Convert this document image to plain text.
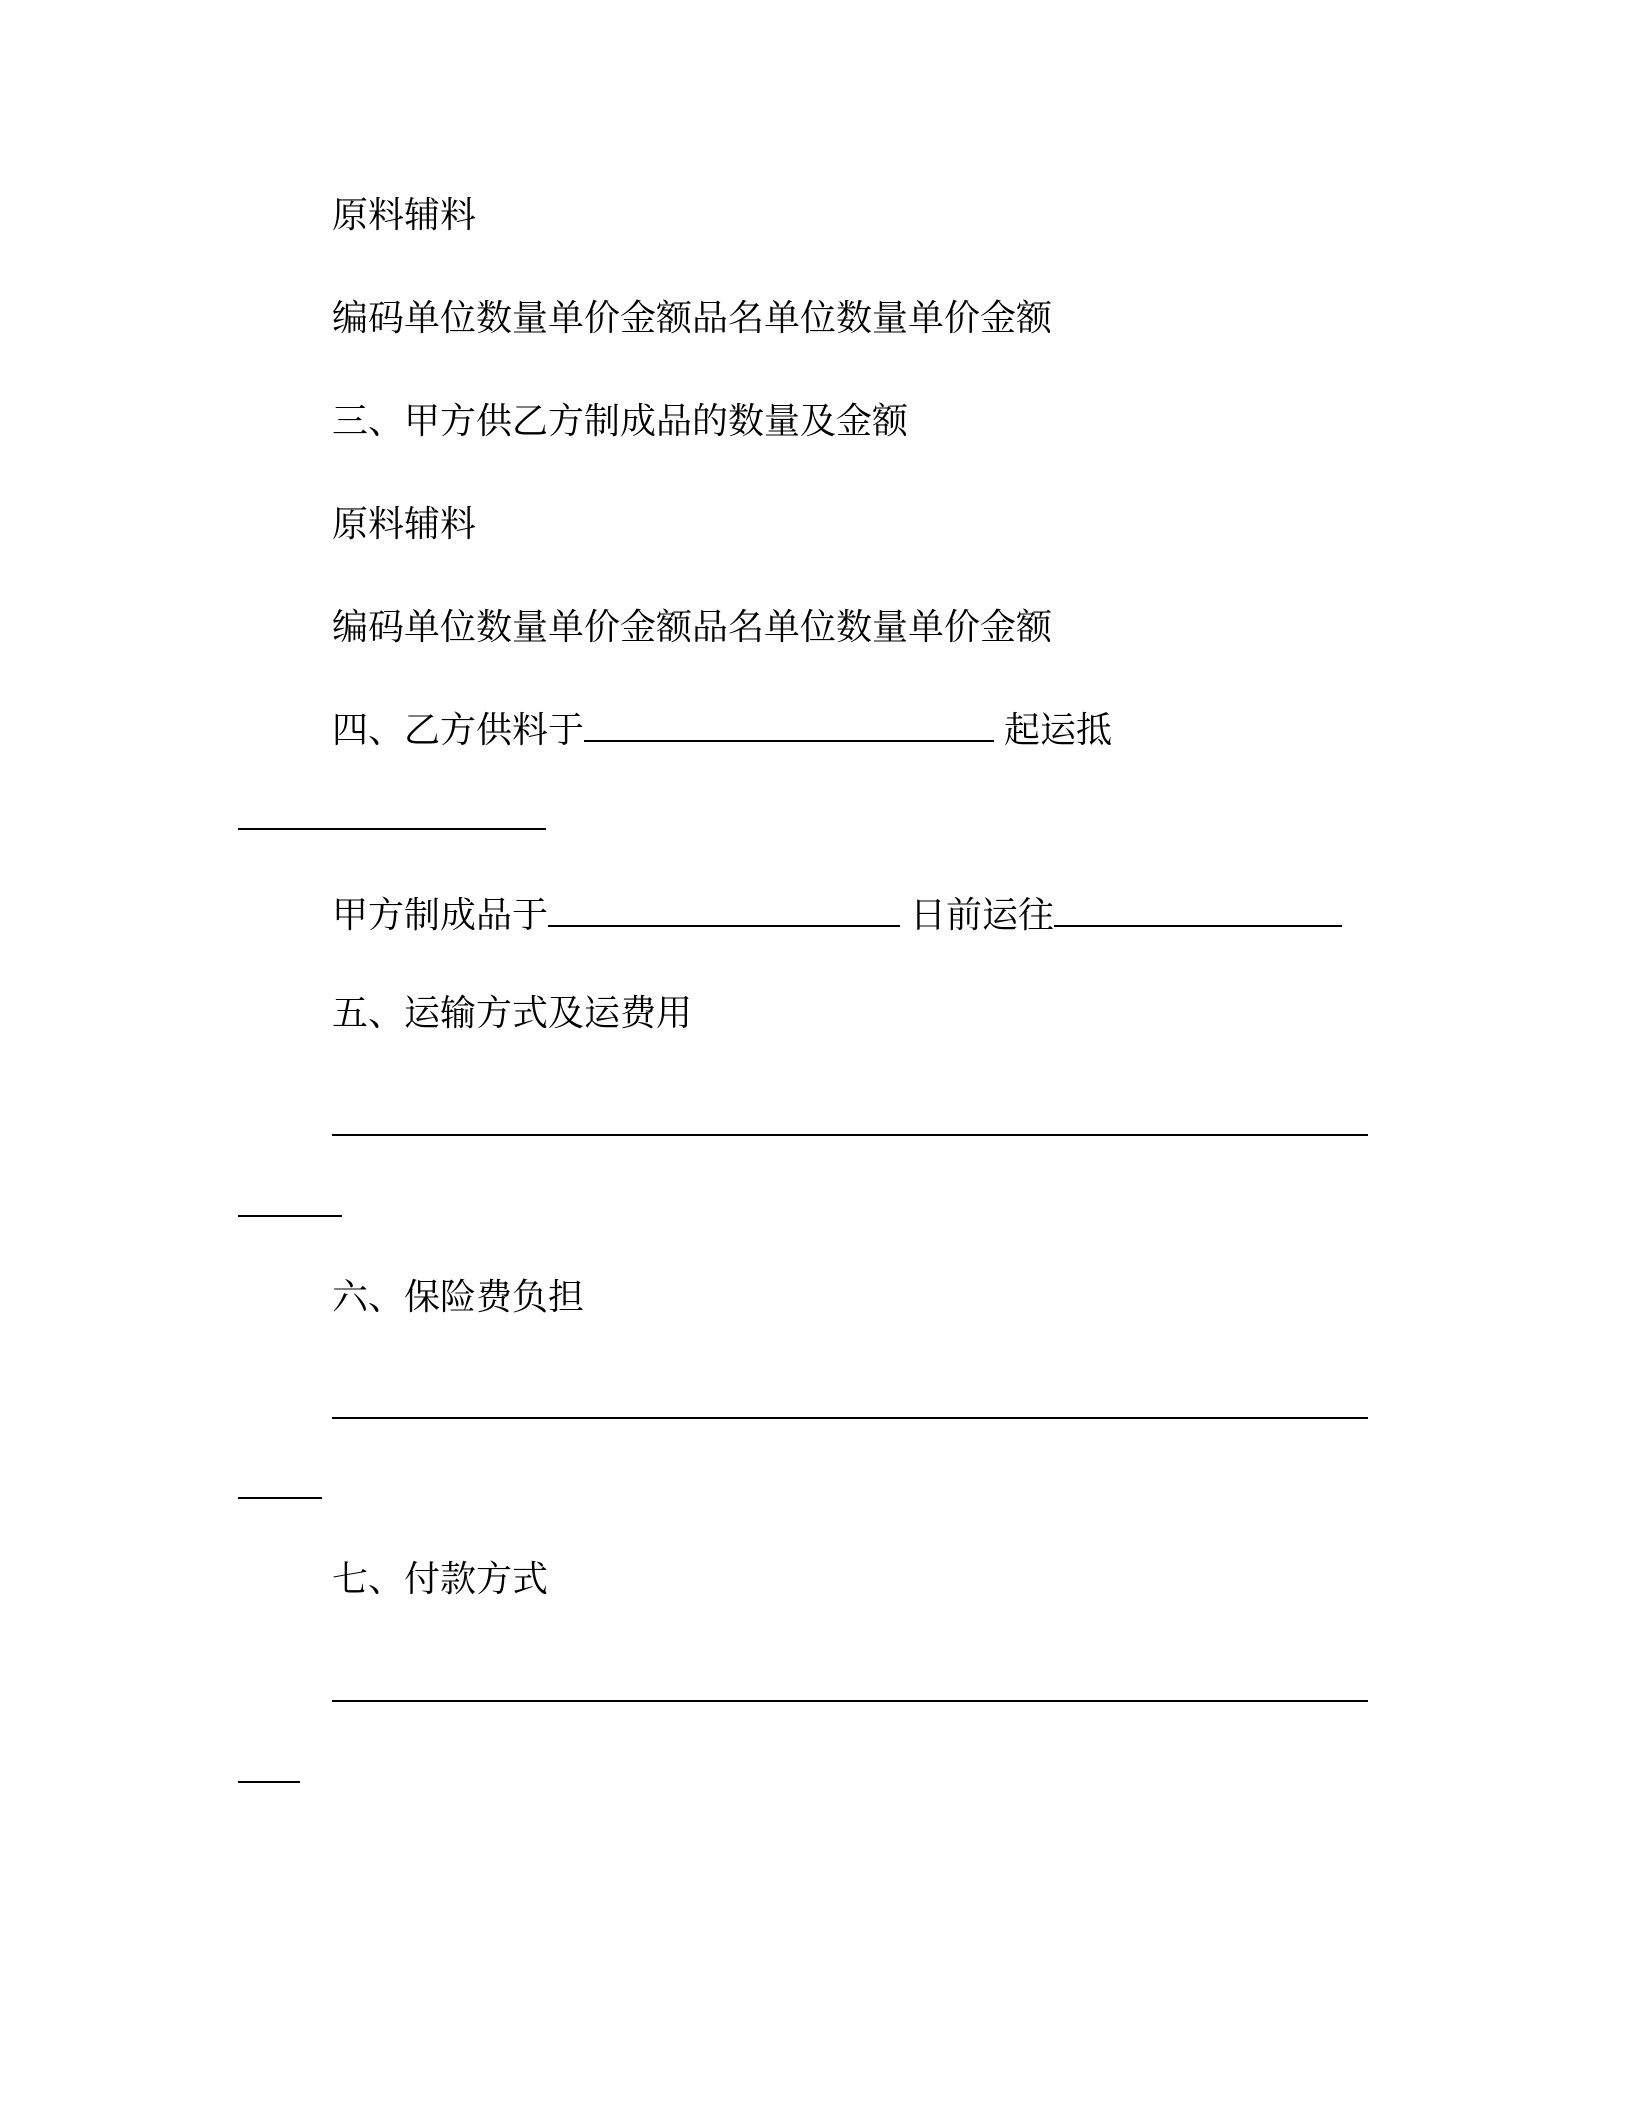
原料辅料
编码单位数量单价金额品名单位数量单价金额
三、甲方供乙方制成品的数量及金额
原料辅料
编码单位数量单价金额品名单位数量单价金额
四、乙方供料于	起运抵
甲方制成品于	日前运往
五、运输方式及运费用
六、保险费负担
七、付款方式
